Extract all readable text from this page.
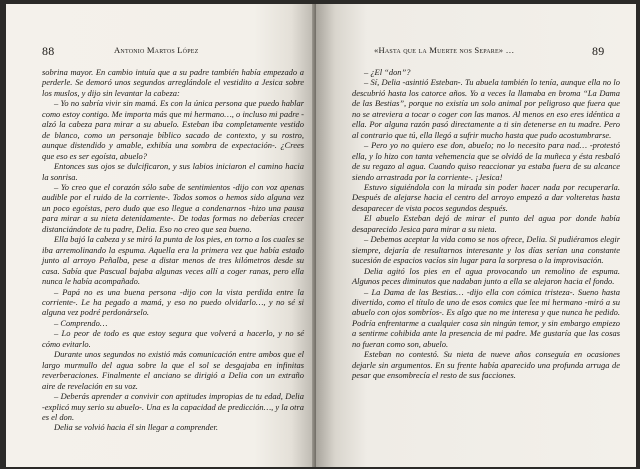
88	Antonio Martos López

sobrina mayor. En cambio intuía que a su padre también había empezado a perderle. Se demoró unos segundos arreglándole el vestidito a Jesica sobre los muslos, y dijo sin levantar la cabeza:

– Yo no sabría vivir sin mamá. Es con la única persona que puedo hablar como estoy contigo. Me importa más que mi hermano…, o incluso mi padre -alzó la cabeza para mirar a su abuelo. Esteban iba completamente vestido de blanco, como un personaje bíblico sacado de contexto, y su rostro, aunque distendido y amable, exhibía una sombra de expectación-. ¿Crees que eso es ser egoísta, abuelo?

Entonces sus ojos se dulcificaron, y sus labios iniciaron el camino hacia la sonrisa.

– Yo creo que el corazón sólo sabe de sentimientos -dijo con voz apenas audible por el ruido de la corriente-. Todos somos o hemos sido alguna vez un poco egoístas, pero dudo que eso llegue a condenarnos -hizo una pausa para mirar a su nieta detenidamente-. De todas formas no deberías crecer distanciándote de tu padre, Delia. Eso no creo que sea bueno.

Ella bajó la cabeza y se miró la punta de los pies, en torno a los cuales se iba arremolinando la espuma. Aquella era la primera vez que había estado junto al arroyo Peñalba, pese a distar menos de tres kilómetros desde su casa. Sabía que Pascual bajaba algunas veces allí a coger ranas, pero ella nunca le había acompañado.

– Papá no es una buena persona -dijo con la vista perdida entre la corriente-. Le ha pegado a mamá, y eso no puedo olvidarlo…, y no sé si alguna vez podré perdonárselo.

– Comprendo…

– Lo peor de todo es que estoy segura que volverá a hacerlo, y no sé cómo evitarlo.

Durante unos segundos no existió más comunicación entre ambos que el largo murmullo del agua sobre la que el sol se desgajaba en infinitas reverberaciones. Finalmente el anciano se dirigió a Delia con un extraño aire de revelación en su voz.

– Deberás aprender a convivir con aptitudes impropias de tu edad, Delia -explicó muy serio su abuelo-. Una es la capacidad de predicción…, y la otra es el don.

Delia se volvió hacia él sin llegar a comprender.

«Hasta que la Muerte nos Separe» …	89

– ¿El “don”?

– Sí, Delia -asintió Esteban-. Tu abuela también lo tenía, aunque ella no lo descubrió hasta los catorce años. Yo a veces la llamaba en broma “La Dama de las Bestias”, porque no existía un solo animal por peligroso que fuera que no se atreviera a tocar o coger con las manos. Al menos en eso eres idéntica a ella. Por alguna razón pasó directamente a ti sin detenerse en tu madre. Pero al contrario que tú, ella llegó a sufrir mucho hasta que pudo acostumbrarse.

– Pero yo no quiero ese don, abuelo; no lo necesito para nad… -protestó ella, y lo hizo con tanta vehemencia que se olvidó de la muñeca y ésta resbaló de su regazo al agua. Cuando quiso reaccionar ya estaba fuera de su alcance siendo arrastrada por la corriente-. ¡Jesica!

Estuvo siguiéndola con la mirada sin poder hacer nada por recuperarla. Después de alejarse hacia el centro del arroyo empezó a dar volteretas hasta desaparecer de vista pocos segundos después.

El abuelo Esteban dejó de mirar el punto del agua por donde había desaparecido Jesica para mirar a su nieta.

– Debemos aceptar la vida como se nos ofrece, Delia. Si pudiéramos elegir siempre, dejaría de resultarnos interesante y los días serían una constante sucesión de espacios vacíos sin lugar para la sorpresa o la improvisación.

Delia agitó los pies en el agua provocando un remolino de espuma. Algunos peces diminutos que nadaban junto a ella se alejaron hacia el fondo.

– La Dama de las Bestias… -dijo ella con cómica tristeza-. Sueno hasta divertido, como el título de uno de esos comics que lee mi hermano -miró a su abuelo con ojos sombríos-. Es algo que no me interesa y que nunca he pedido. Podría enfrentarme a cualquier cosa sin ningún temor, y sin embargo empiezo a sentirme cohibida ante la presencia de mi padre. Me gustaría que las cosas no fueran como son, abuelo.

Esteban no contestó. Su nieta de nueve años conseguía en ocasiones dejarle sin argumentos. En su frente había aparecido una profunda arruga de pesar que ensombrecía el resto de sus facciones.
